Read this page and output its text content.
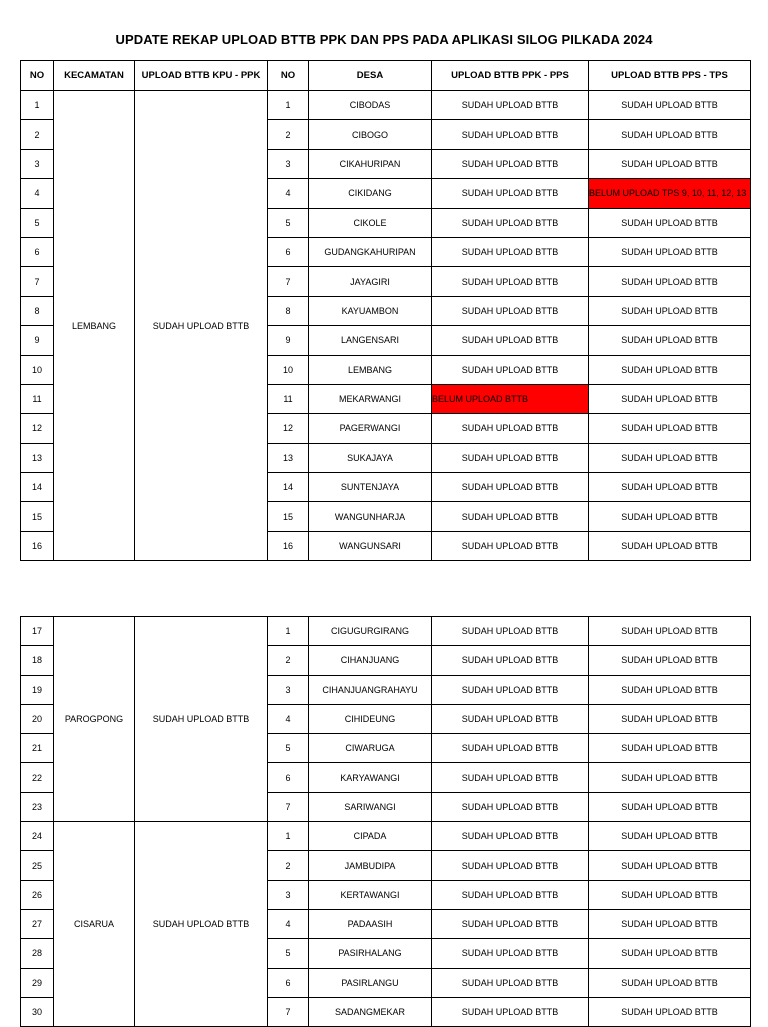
UPDATE REKAP UPLOAD BTTB PPK DAN PPS PADA APLIKASI SILOG PILKADA 2024
NO	KECAMATAN	UPLOAD BTTB KPU - PPK	NO	DESA	UPLOAD BTTB PPK - PPS	UPLOAD BTTB PPS - TPS
1	LEMBANG	SUDAH UPLOAD BTTB	1	CIBODAS	SUDAH UPLOAD BTTB	SUDAH UPLOAD BTTB
2			2	CIBOGO	SUDAH UPLOAD BTTB	SUDAH UPLOAD BTTB
3			3	CIKAHURIPAN	SUDAH UPLOAD BTTB	SUDAH UPLOAD BTTB
4			4	CIKIDANG	SUDAH UPLOAD BTTB	BELUM UPLOAD TPS 9, 10, 11, 12, 13
5			5	CIKOLE	SUDAH UPLOAD BTTB	SUDAH UPLOAD BTTB
6			6	GUDANGKAHURIPAN	SUDAH UPLOAD BTTB	SUDAH UPLOAD BTTB
7			7	JAYAGIRI	SUDAH UPLOAD BTTB	SUDAH UPLOAD BTTB
8			8	KAYUAMBON	SUDAH UPLOAD BTTB	SUDAH UPLOAD BTTB
9			9	LANGENSARI	SUDAH UPLOAD BTTB	SUDAH UPLOAD BTTB
10			10	LEMBANG	SUDAH UPLOAD BTTB	SUDAH UPLOAD BTTB
11			11	MEKARWANGI	BELUM UPLOAD BTTB	SUDAH UPLOAD BTTB
12			12	PAGERWANGI	SUDAH UPLOAD BTTB	SUDAH UPLOAD BTTB
13			13	SUKAJAYA	SUDAH UPLOAD BTTB	SUDAH UPLOAD BTTB
14			14	SUNTENJAYA	SUDAH UPLOAD BTTB	SUDAH UPLOAD BTTB
15			15	WANGUNHARJA	SUDAH UPLOAD BTTB	SUDAH UPLOAD BTTB
16			16	WANGUNSARI	SUDAH UPLOAD BTTB	SUDAH UPLOAD BTTB
17	PAROGPONG	SUDAH UPLOAD BTTB	1	CIGUGURGIRANG	SUDAH UPLOAD BTTB	SUDAH UPLOAD BTTB
18			2	CIHANJUANG	SUDAH UPLOAD BTTB	SUDAH UPLOAD BTTB
19			3	CIHANJUANGRAHAYU	SUDAH UPLOAD BTTB	SUDAH UPLOAD BTTB
20			4	CIHIDEUNG	SUDAH UPLOAD BTTB	SUDAH UPLOAD BTTB
21			5	CIWARUGA	SUDAH UPLOAD BTTB	SUDAH UPLOAD BTTB
22			6	KARYAWANGI	SUDAH UPLOAD BTTB	SUDAH UPLOAD BTTB
23			7	SARIWANGI	SUDAH UPLOAD BTTB	SUDAH UPLOAD BTTB
24	CISARUA	SUDAH UPLOAD BTTB	1	CIPADA	SUDAH UPLOAD BTTB	SUDAH UPLOAD BTTB
25			2	JAMBUDIPA	SUDAH UPLOAD BTTB	SUDAH UPLOAD BTTB
26			3	KERTAWANGI	SUDAH UPLOAD BTTB	SUDAH UPLOAD BTTB
27			4	PADAASIH	SUDAH UPLOAD BTTB	SUDAH UPLOAD BTTB
28			5	PASIRHALANG	SUDAH UPLOAD BTTB	SUDAH UPLOAD BTTB
29			6	PASIRLANGU	SUDAH UPLOAD BTTB	SUDAH UPLOAD BTTB
30			7	SADANGMEKAR	SUDAH UPLOAD BTTB	SUDAH UPLOAD BTTB
